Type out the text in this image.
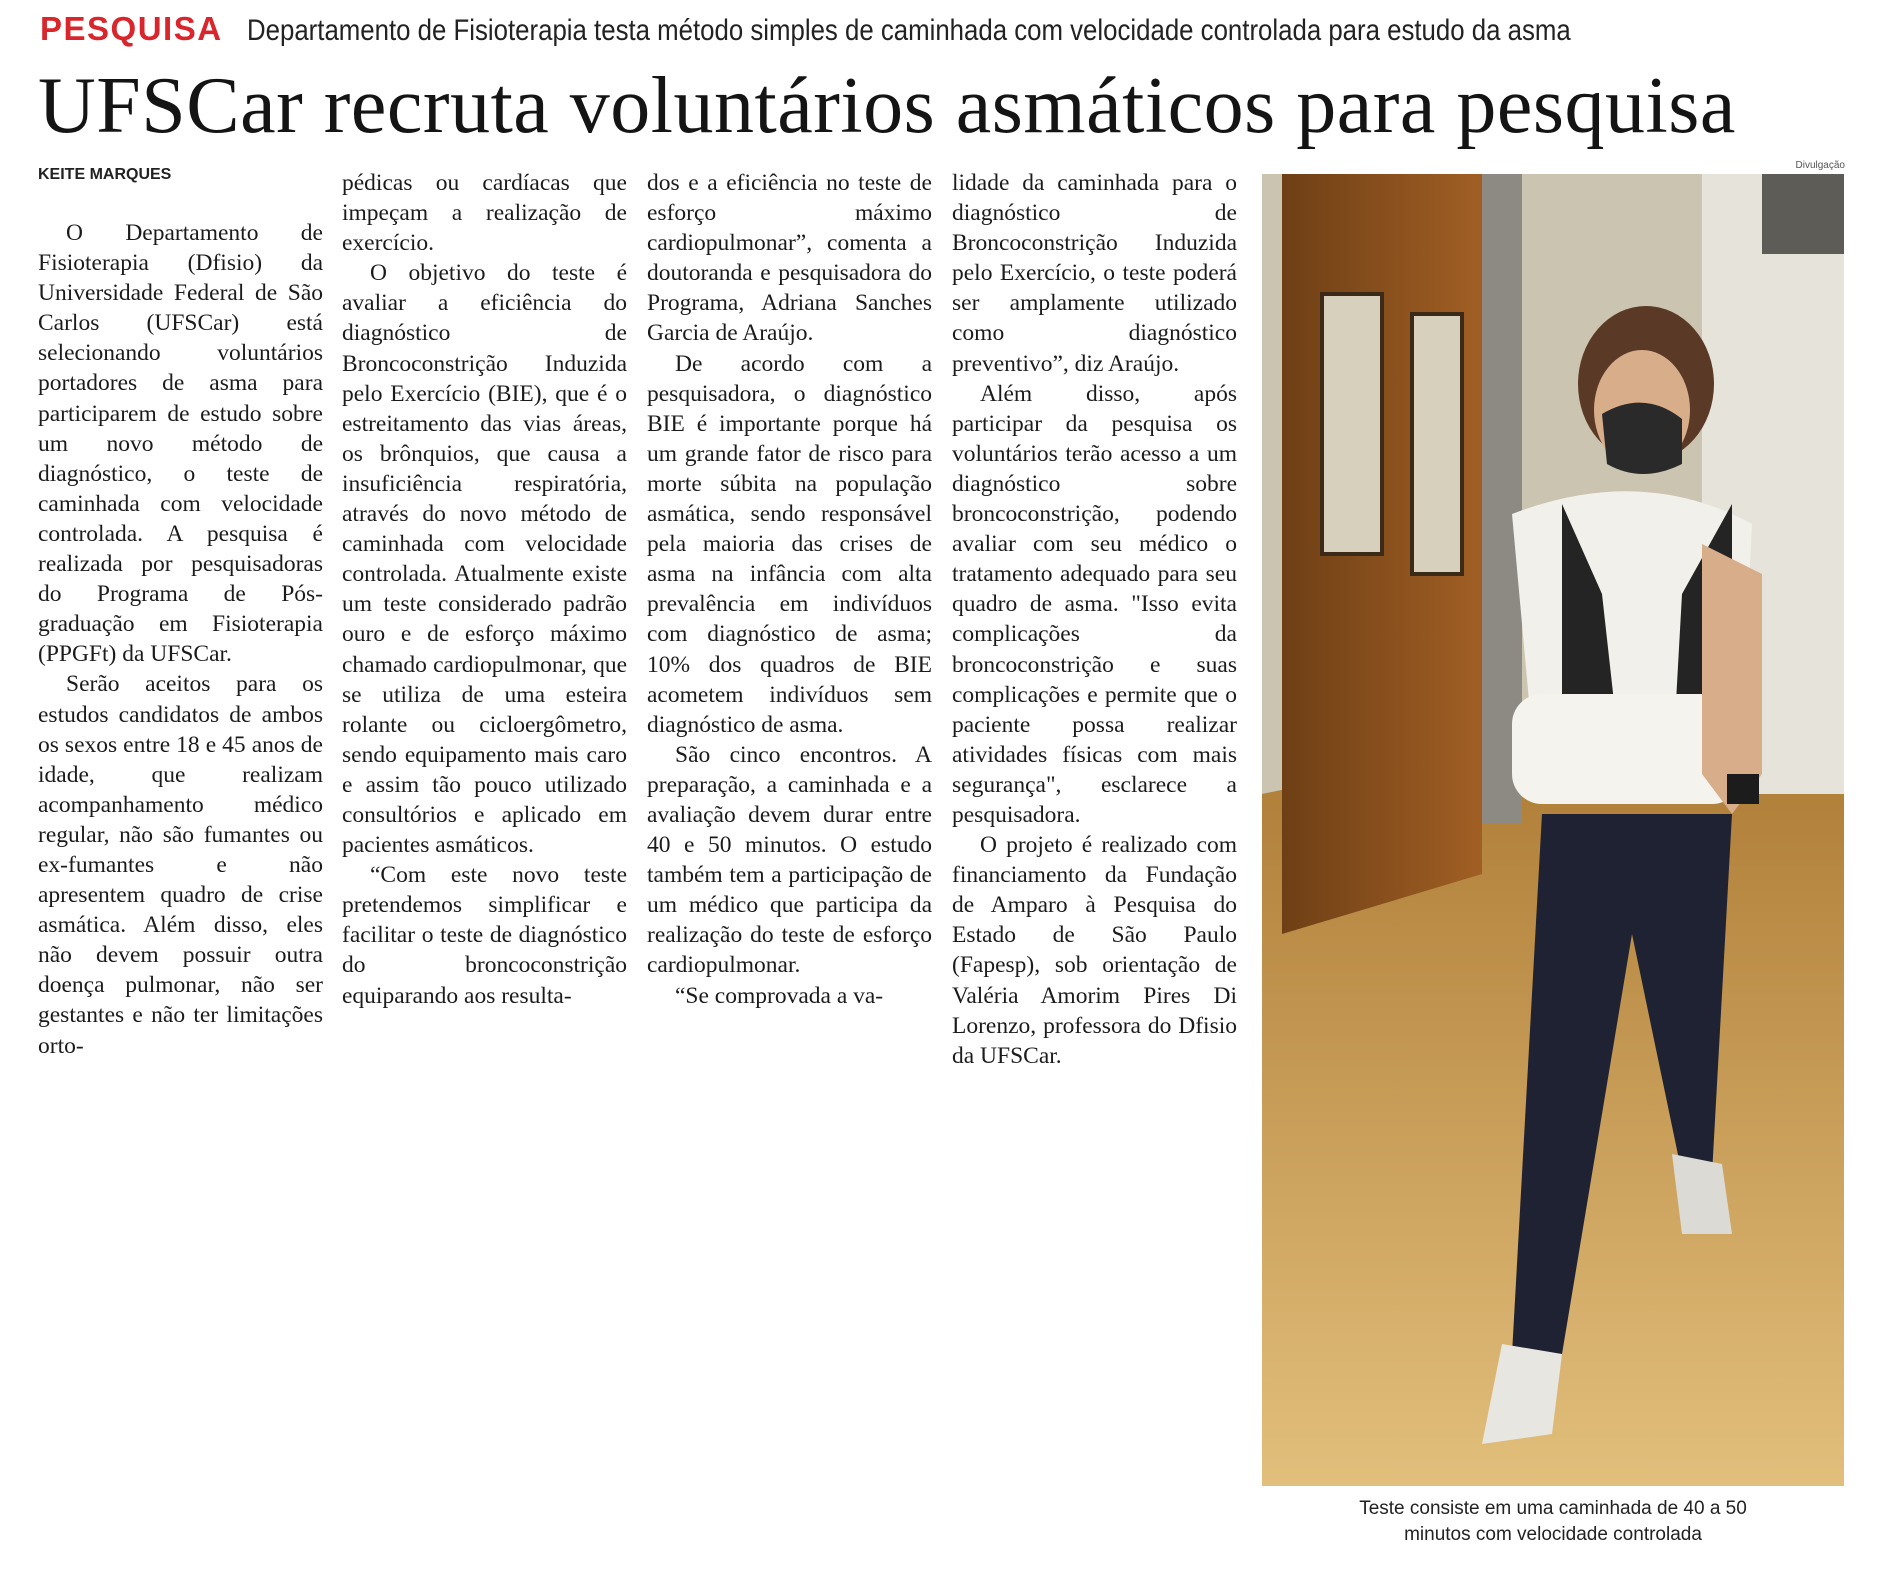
PESQUISA Departamento de Fisioterapia testa método simples de caminhada com velocidade controlada para estudo da asma
UFSCar recruta voluntários asmáticos para pesquisa
KEITE MARQUES

O Departamento de Fisioterapia (Dfisio) da Universidade Federal de São Carlos (UFSCar) está selecionando voluntários portadores de asma para participarem de estudo sobre um novo método de diagnóstico, o teste de caminhada com velocidade controlada. A pesquisa é realizada por pesquisadoras do Programa de Pós-graduação em Fisioterapia (PPGFt) da UFSCar.

Serão aceitos para os estudos candidatos de ambos os sexos entre 18 e 45 anos de idade, que realizam acompanhamento médico regular, não são fumantes ou ex-fumantes e não apresentem quadro de crise asmática. Além disso, eles não devem possuir outra doença pulmonar, não ser gestantes e não ter limitações orto-

pédicas ou cardíacas que impeçam a realização de exercício.

O objetivo do teste é avaliar a eficiência do diagnóstico de Broncoconstrição Induzida pelo Exercício (BIE), que é o estreitamento das vias áreas, os brônquios, que causa a insuficiência respiratória, através do novo método de caminhada com velocidade controlada. Atualmente existe um teste considerado padrão ouro e de esforço máximo chamado cardiopulmonar, que se utiliza de uma esteira rolante ou cicloergômetro, sendo equipamento mais caro e assim tão pouco utilizado consultórios e aplicado em pacientes asmáticos.

“Com este novo teste pretendemos simplificar e facilitar o teste de diagnóstico do broncoconstrição equiparando aos resulta-

dos e a eficiência no teste de esforço máximo cardiopulmonar”, comenta a doutoranda e pesquisadora do Programa, Adriana Sanches Garcia de Araújo.

De acordo com a pesquisadora, o diagnóstico BIE é importante porque há um grande fator de risco para morte súbita na população asmática, sendo responsável pela maioria das crises de asma na infância com alta prevalência em indivíduos com diagnóstico de asma; 10% dos quadros de BIE acometem indivíduos sem diagnóstico de asma.

São cinco encontros. A preparação, a caminhada e a avaliação devem durar entre 40 e 50 minutos. O estudo também tem a participação de um médico que participa da realização do teste de esforço cardiopulmonar.

“Se comprovada a va-

lidade da caminhada para o diagnóstico de Broncoconstrição Induzida pelo Exercício, o teste poderá ser amplamente utilizado como diagnóstico preventivo”, diz Araújo.

Além disso, após participar da pesquisa os voluntários terão acesso a um diagnóstico sobre broncoconstrição, podendo avaliar com seu médico o tratamento adequado para seu quadro de asma. "Isso evita complicações da broncoconstrição e suas complicações e permite que o paciente possa realizar atividades físicas com mais segurança", esclarece a pesquisadora.

O projeto é realizado com financiamento da Fundação de Amparo à Pesquisa do Estado de São Paulo (Fapesp), sob orientação de Valéria Amorim Pires Di Lorenzo, professora do Dfisio da UFSCar.

Divulgação
Teste consiste em uma caminhada de 40 a 50
minutos com velocidade controlada
